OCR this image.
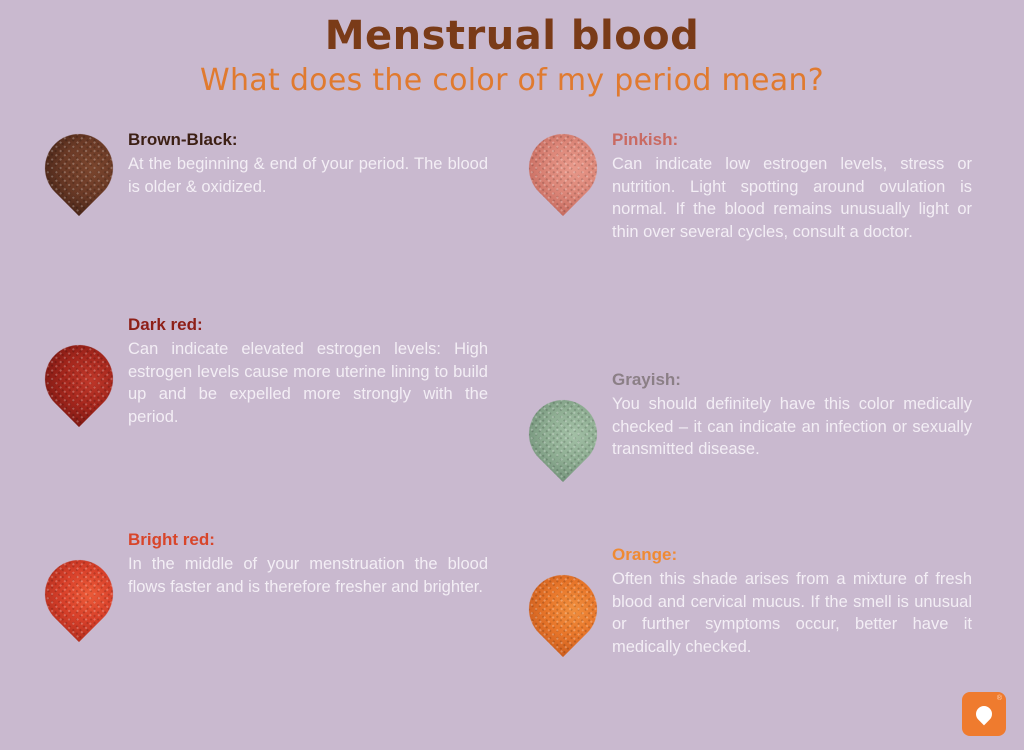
Menstrual blood
What does the color of my period mean?

Brown-Black:

At the beginning & end of your period. The blood is older & oxidized.

Dark red:

Can indicate elevated estrogen levels: High estrogen levels cause more uterine lining to build up and be expelled more strongly with the period.

Bright red:

In the middle of your menstruation the blood flows faster and is therefore fresher and brighter.

Pinkish:

Can indicate low estrogen levels, stress or nutrition. Light spotting around ovulation is normal. If the blood remains unusually light or thin over several cycles, consult a doctor.

Grayish:

You should definitely have this color medically checked – it can indicate an infection or sexually transmitted disease.

Orange:

Often this shade arises from a mixture of fresh blood and cervical mucus. If the smell is unusual or further symptoms occur, better have it medically checked.

®
